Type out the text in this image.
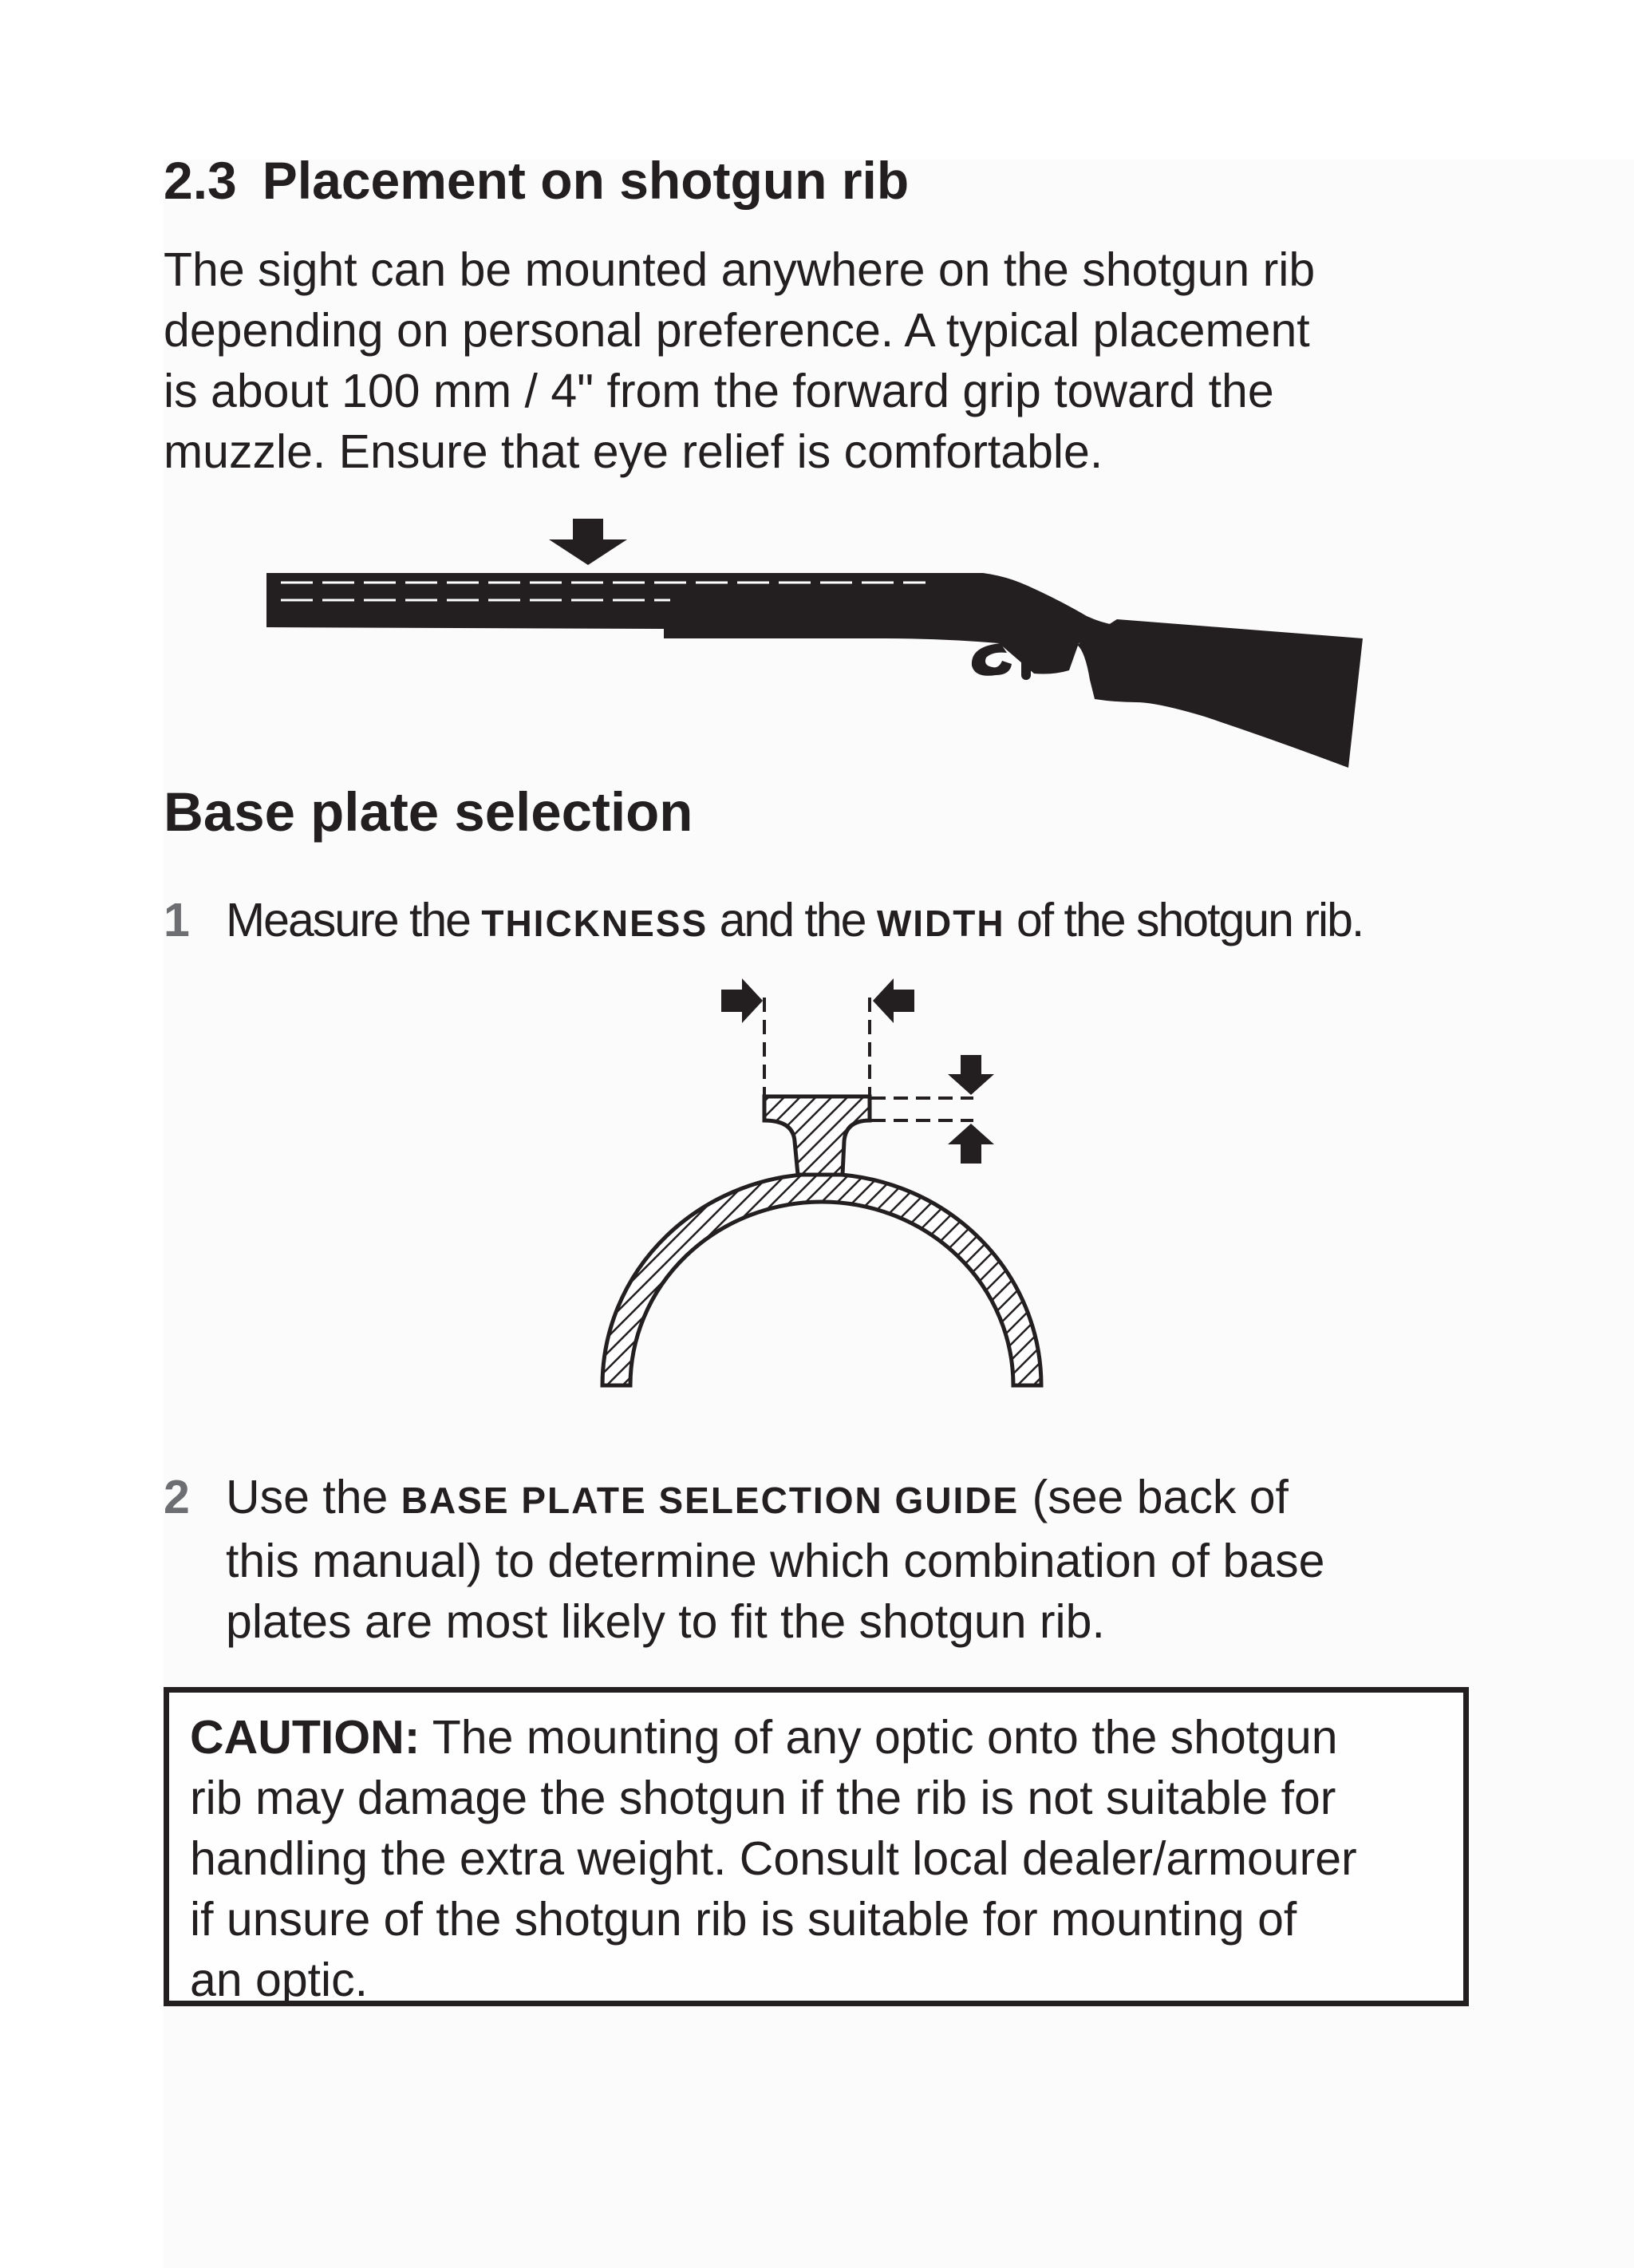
2.3 Placement on shotgun rib

The sight can be mounted anywhere on the shotgun rib
depending on personal preference. A typical placement
is about 100 mm / 4" from the forward grip toward the
muzzle. Ensure that eye relief is comfortable.

Base plate selection
1 Measure the THICKNESS and the WIDTH of the shotgun rib.
2 Use the BASE PLATE SELECTION GUIDE (see back of
this manual) to determine which combination of base
plates are most likely to fit the shotgun rib.
CAUTION: The mounting of any optic onto the shotgun
rib may damage the shotgun if the rib is not suitable for
handling the extra weight. Consult local dealer/armourer
if unsure of the shotgun rib is suitable for mounting of
an optic.
